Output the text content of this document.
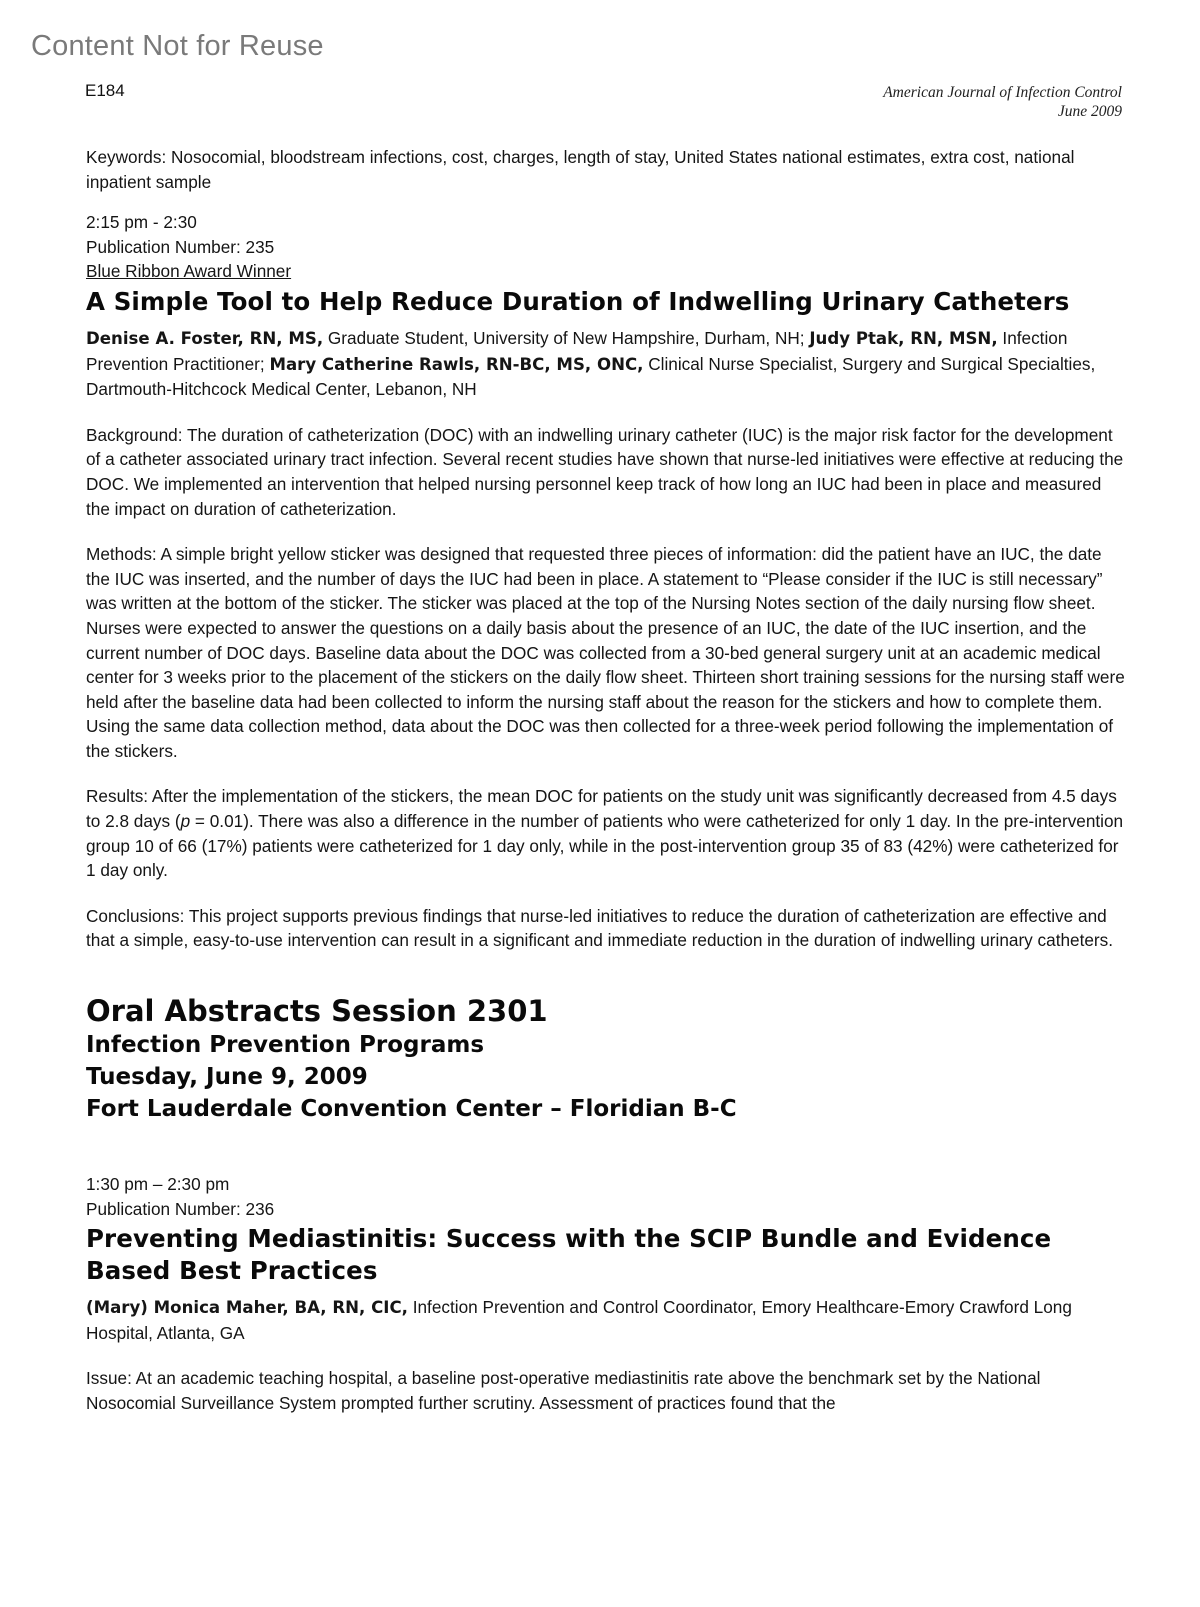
Content Not for Reuse
E184	American Journal of Infection Control
June 2009

Keywords: Nosocomial, bloodstream infections, cost, charges, length of stay, United States national estimates, extra cost, national inpatient sample

2:15 pm - 2:30

Publication Number: 235

Blue Ribbon Award Winner

A Simple Tool to Help Reduce Duration of Indwelling Urinary Catheters

Denise A. Foster, RN, MS, Graduate Student, University of New Hampshire, Durham, NH; Judy Ptak, RN, MSN, Infection Prevention Practitioner; Mary Catherine Rawls, RN-BC, MS, ONC, Clinical Nurse Specialist, Surgery and Surgical Specialties, Dartmouth-Hitchcock Medical Center, Lebanon, NH

Background: The duration of catheterization (DOC) with an indwelling urinary catheter (IUC) is the major risk factor for the development of a catheter associated urinary tract infection. Several recent studies have shown that nurse-led initiatives were effective at reducing the DOC. We implemented an intervention that helped nursing personnel keep track of how long an IUC had been in place and measured the impact on duration of catheterization.

Methods: A simple bright yellow sticker was designed that requested three pieces of information: did the patient have an IUC, the date the IUC was inserted, and the number of days the IUC had been in place. A statement to “Please consider if the IUC is still necessary” was written at the bottom of the sticker. The sticker was placed at the top of the Nursing Notes section of the daily nursing flow sheet. Nurses were expected to answer the questions on a daily basis about the presence of an IUC, the date of the IUC insertion, and the current number of DOC days. Baseline data about the DOC was collected from a 30-bed general surgery unit at an academic medical center for 3 weeks prior to the placement of the stickers on the daily flow sheet. Thirteen short training sessions for the nursing staff were held after the baseline data had been collected to inform the nursing staff about the reason for the stickers and how to complete them. Using the same data collection method, data about the DOC was then collected for a three-week period following the implementation of the stickers.

Results: After the implementation of the stickers, the mean DOC for patients on the study unit was significantly decreased from 4.5 days to 2.8 days (p = 0.01). There was also a difference in the number of patients who were catheterized for only 1 day. In the pre-intervention group 10 of 66 (17%) patients were catheterized for 1 day only, while in the post-intervention group 35 of 83 (42%) were catheterized for 1 day only.

Conclusions: This project supports previous findings that nurse-led initiatives to reduce the duration of catheterization are effective and that a simple, easy-to-use intervention can result in a significant and immediate reduction in the duration of indwelling urinary catheters.

Oral Abstracts Session 2301
Infection Prevention Programs
Tuesday, June 9, 2009
Fort Lauderdale Convention Center – Floridian B-C

1:30 pm – 2:30 pm

Publication Number: 236

Preventing Mediastinitis: Success with the SCIP Bundle and Evidence Based Best Practices

(Mary) Monica Maher, BA, RN, CIC, Infection Prevention and Control Coordinator, Emory Healthcare-Emory Crawford Long Hospital, Atlanta, GA

Issue: At an academic teaching hospital, a baseline post-operative mediastinitis rate above the benchmark set by the National Nosocomial Surveillance System prompted further scrutiny. Assessment of practices found that the
